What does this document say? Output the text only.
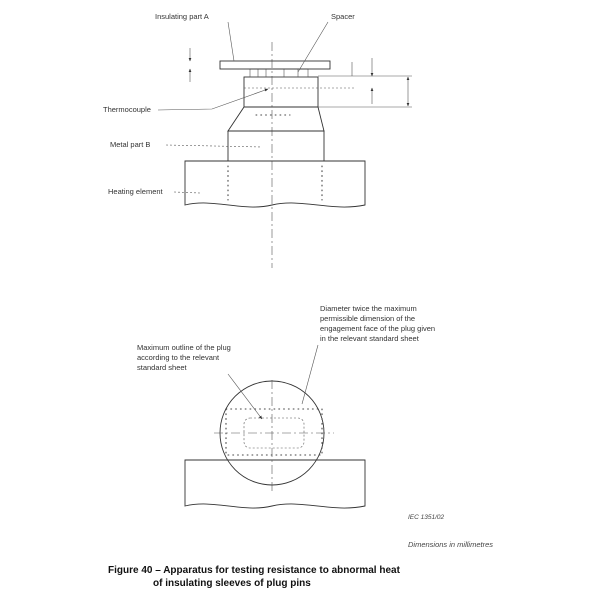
Insulating part A	Spacer
Thermocouple
Metal part B
Heating element
Diameter twice the maximum
permissible dimension of the
engagement face of the plug given
in the relevant standard sheet
Maximum outline of the plug
according to the relevant
standard sheet
IEC 1351/02
Dimensions in millimetres
Figure 40 – Apparatus for testing resistance to abnormal heat
of insulating sleeves of plug pins
